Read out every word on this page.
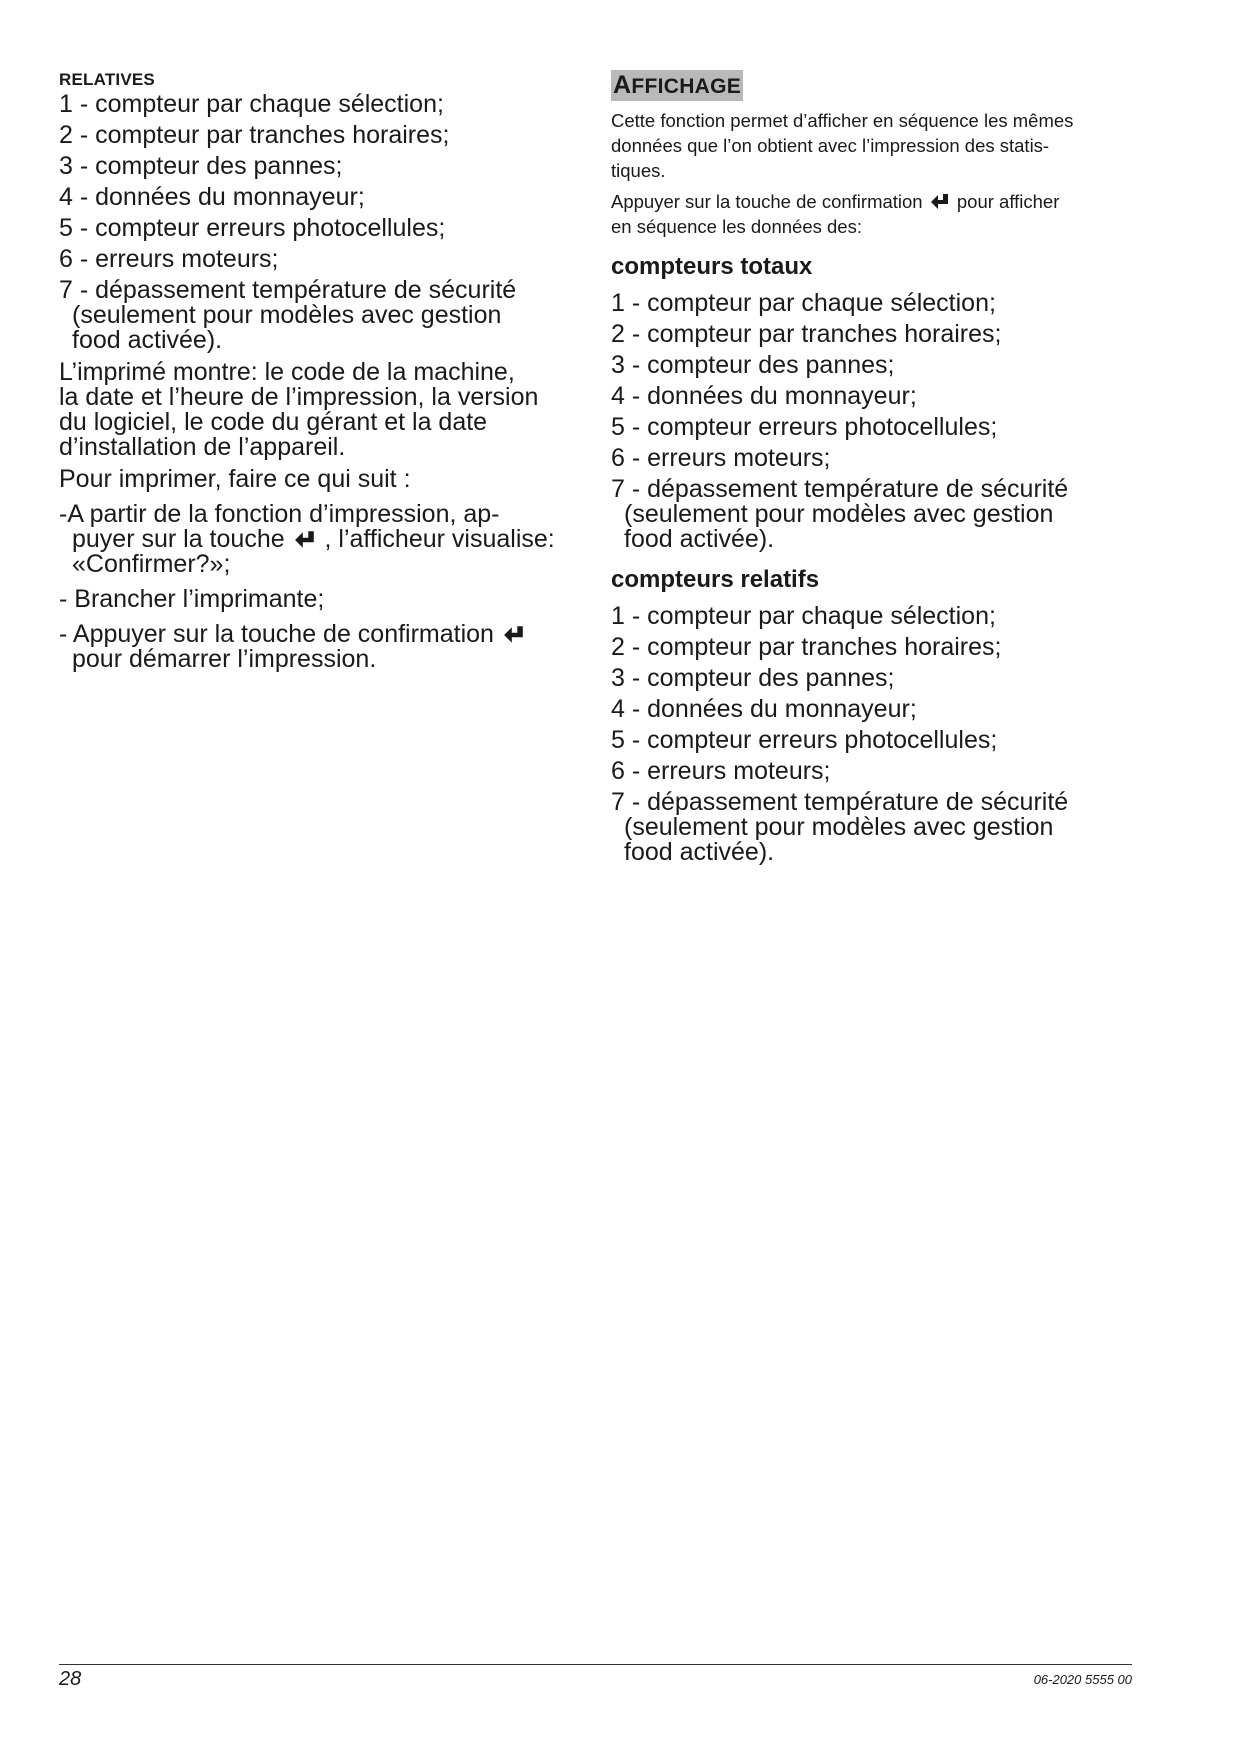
RELATIVES
1 - compteur par chaque sélection;
2 - compteur par tranches horaires;
3 - compteur des pannes;
4 - données du monnayeur;
5 - compteur erreurs photocellules;
6 - erreurs moteurs;
7 - dépassement température de sécurité
(seulement pour modèles avec gestion
food activée).
L’imprimé montre: le code de la machine,
la date et l’heure de l’impression, la version
du logiciel, le code du gérant et la date
d’installation de l’appareil.
Pour imprimer, faire ce qui suit :
-A partir de la fonction d’impression, ap-
puyer sur la touche , l’afficheur visualise:
«Confirmer?»;
- Brancher l’imprimante;
- Appuyer sur la touche de confirmation
pour démarrer l’impression.
AFFICHAGE
Cette fonction permet d’afficher en séquence les mêmes
données que l’on obtient avec l’impression des statis-
tiques.
Appuyer sur la touche de confirmation pour afficher
en séquence les données des:
compteurs totaux
1 - compteur par chaque sélection;
2 - compteur par tranches horaires;
3 - compteur des pannes;
4 - données du monnayeur;
5 - compteur erreurs photocellules;
6 - erreurs moteurs;
7 - dépassement température de sécurité
(seulement pour modèles avec gestion
food activée).
compteurs relatifs
1 - compteur par chaque sélection;
2 - compteur par tranches horaires;
3 - compteur des pannes;
4 - données du monnayeur;
5 - compteur erreurs photocellules;
6 - erreurs moteurs;
7 - dépassement température de sécurité
(seulement pour modèles avec gestion
food activée).
28	06-2020 5555 00
